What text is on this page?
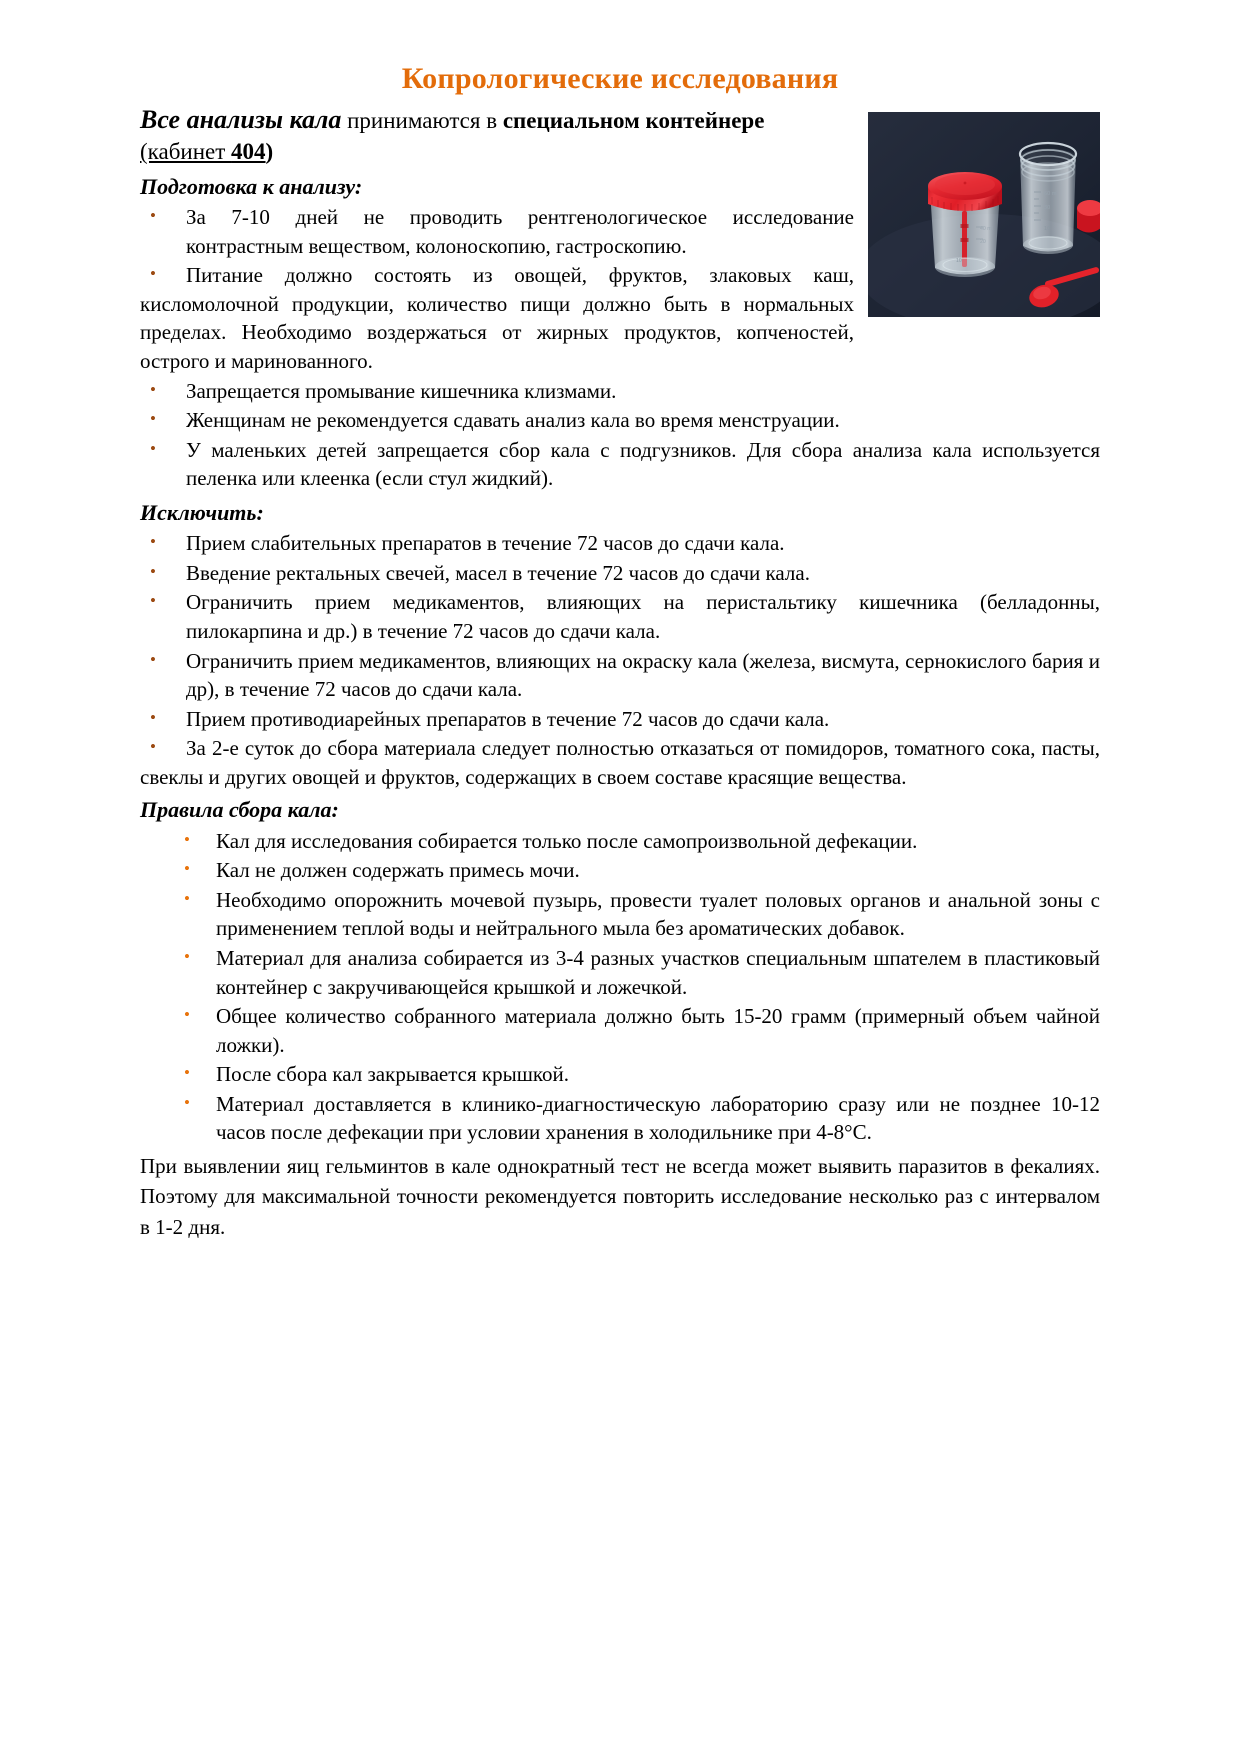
Копрологические исследования
60 ml
30
10
40 ml
20
10

Все анализы кала принимаются в специальном контейнере (кабинет 404)

Подготовка к анализу:

• За 7-10 дней не проводить рентгенологическое исследование контрастным веществом, колоноскопию, гастроскопию.
• Питание должно состоять из овощей, фруктов, злаковых каш, кисломолочной продукции, количество пищи должно быть в нормальных пределах. Необходимо воздержаться от жирных продуктов, копченостей, острого и маринованного.
• Запрещается промывание кишечника клизмами.
• Женщинам не рекомендуется сдавать анализ кала во время менструации.
• У маленьких детей запрещается сбор кала с подгузников. Для сбора анализа кала используется пеленка или клеенка (если стул жидкий).

Исключить:

• Прием слабительных препаратов в течение 72 часов до сдачи кала.
• Введение ректальных свечей, масел в течение 72 часов до сдачи кала.
• Ограничить прием медикаментов, влияющих на перистальтику кишечника (белладонны, пилокарпина и др.) в течение 72 часов до сдачи кала.
• Ограничить прием медикаментов, влияющих на окраску кала (железа, висмута, сернокислого бария и др), в течение 72 часов до сдачи кала.
• Прием противодиарейных препаратов в течение 72 часов до сдачи кала.
• За 2-е суток до сбора материала следует полностью отказаться от помидоров, томатного сока, пасты, свеклы и других овощей и фруктов, содержащих в своем составе красящие вещества.

Правила сбора кала:

• Кал для исследования собирается только после самопроизвольной дефекации.
• Кал не должен содержать примесь мочи.
• Необходимо опорожнить мочевой пузырь, провести туалет половых органов и анальной зоны с применением теплой воды и нейтрального мыла без ароматических добавок.
• Материал для анализа собирается из 3-4 разных участков специальным шпателем в пластиковый контейнер с закручивающейся крышкой и ложечкой.
• Общее количество собранного материала должно быть 15-20 грамм (примерный объем чайной ложки).
• После сбора кал закрывается крышкой.
• Материал доставляется в клинико-диагностическую лабораторию сразу или не позднее 10-12 часов после дефекации при условии хранения в холодильнике при 4-8°С.

При выявлении яиц гельминтов в кале однократный тест не всегда может выявить паразитов в фекалиях. Поэтому для максимальной точности рекомендуется повторить исследование несколько раз с интервалом в 1-2 дня.
